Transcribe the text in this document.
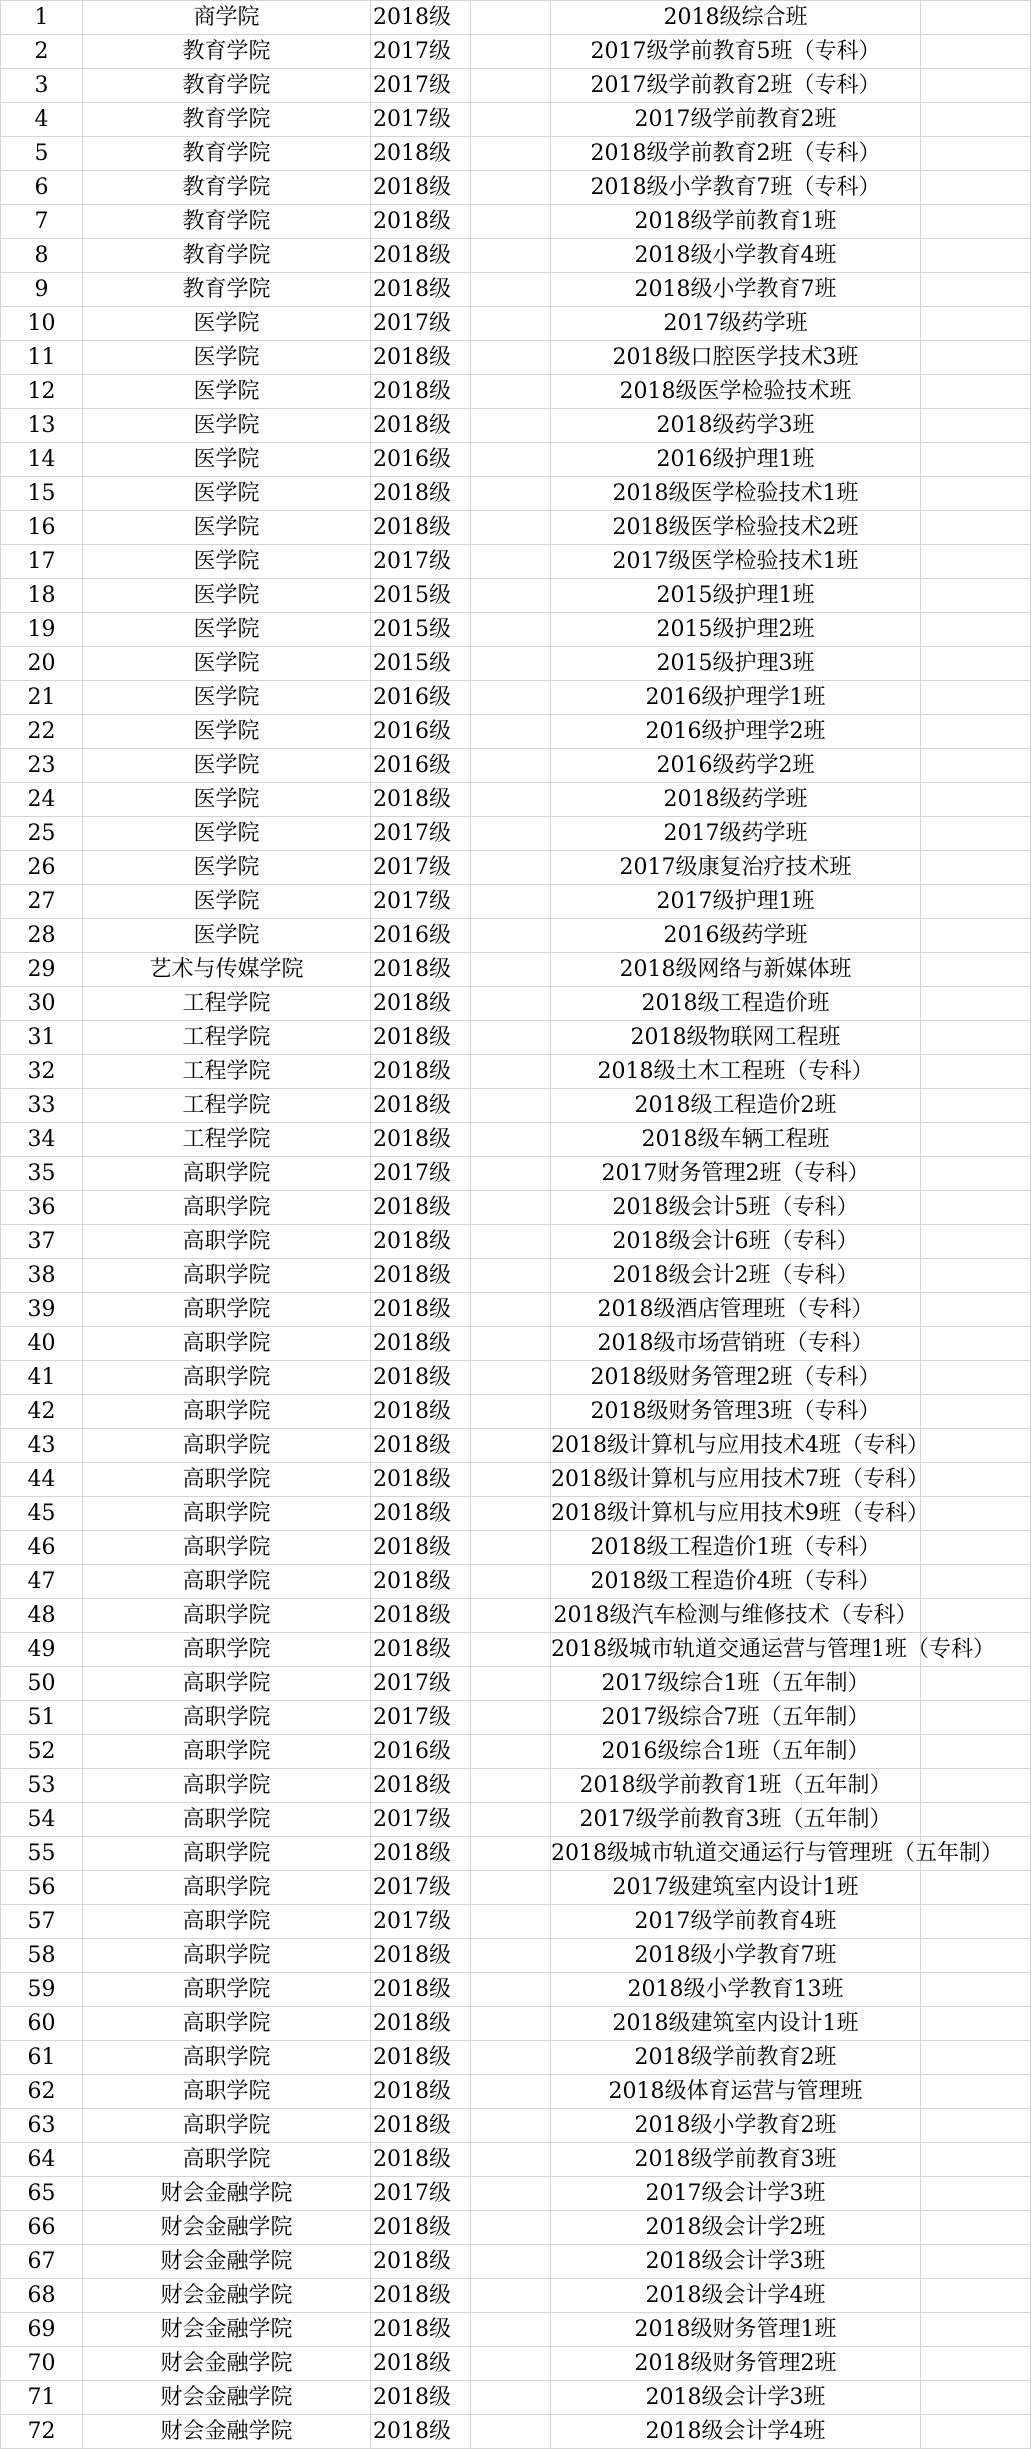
1	商学院	2018级		2018级综合班	
2	教育学院	2017级		2017级学前教育5班（专科）	
3	教育学院	2017级		2017级学前教育2班（专科）	
4	教育学院	2017级		2017级学前教育2班	
5	教育学院	2018级		2018级学前教育2班（专科）	
6	教育学院	2018级		2018级小学教育7班（专科）	
7	教育学院	2018级		2018级学前教育1班	
8	教育学院	2018级		2018级小学教育4班	
9	教育学院	2018级		2018级小学教育7班	
10	医学院	2017级		2017级药学班	
11	医学院	2018级		2018级口腔医学技术3班	
12	医学院	2018级		2018级医学检验技术班	
13	医学院	2018级		2018级药学3班	
14	医学院	2016级		2016级护理1班	
15	医学院	2018级		2018级医学检验技术1班	
16	医学院	2018级		2018级医学检验技术2班	
17	医学院	2017级		2017级医学检验技术1班	
18	医学院	2015级		2015级护理1班	
19	医学院	2015级		2015级护理2班	
20	医学院	2015级		2015级护理3班	
21	医学院	2016级		2016级护理学1班	
22	医学院	2016级		2016级护理学2班	
23	医学院	2016级		2016级药学2班	
24	医学院	2018级		2018级药学班	
25	医学院	2017级		2017级药学班	
26	医学院	2017级		2017级康复治疗技术班	
27	医学院	2017级		2017级护理1班	
28	医学院	2016级		2016级药学班	
29	艺术与传媒学院	2018级		2018级网络与新媒体班	
30	工程学院	2018级		2018级工程造价班	
31	工程学院	2018级		2018级物联网工程班	
32	工程学院	2018级		2018级土木工程班（专科）	
33	工程学院	2018级		2018级工程造价2班	
34	工程学院	2018级		2018级车辆工程班	
35	高职学院	2017级		2017财务管理2班（专科）	
36	高职学院	2018级		2018级会计5班（专科）	
37	高职学院	2018级		2018级会计6班（专科）	
38	高职学院	2018级		2018级会计2班（专科）	
39	高职学院	2018级		2018级酒店管理班（专科）	
40	高职学院	2018级		2018级市场营销班（专科）	
41	高职学院	2018级		2018级财务管理2班（专科）	
42	高职学院	2018级		2018级财务管理3班（专科）	
43	高职学院	2018级		2018级计算机与应用技术4班（专科）	
44	高职学院	2018级		2018级计算机与应用技术7班（专科）	
45	高职学院	2018级		2018级计算机与应用技术9班（专科）	
46	高职学院	2018级		2018级工程造价1班（专科）	
47	高职学院	2018级		2018级工程造价4班（专科）	
48	高职学院	2018级		2018级汽车检测与维修技术（专科）	
49	高职学院	2018级		2018级城市轨道交通运营与管理1班（专科）	
50	高职学院	2017级		2017级综合1班（五年制）	
51	高职学院	2017级		2017级综合7班（五年制）	
52	高职学院	2016级		2016级综合1班（五年制）	
53	高职学院	2018级		2018级学前教育1班（五年制）	
54	高职学院	2017级		2017级学前教育3班（五年制）	
55	高职学院	2018级		2018级城市轨道交通运行与管理班（五年制）	
56	高职学院	2017级		2017级建筑室内设计1班	
57	高职学院	2017级		2017级学前教育4班	
58	高职学院	2018级		2018级小学教育7班	
59	高职学院	2018级		2018级小学教育13班	
60	高职学院	2018级		2018级建筑室内设计1班	
61	高职学院	2018级		2018级学前教育2班	
62	高职学院	2018级		2018级体育运营与管理班	
63	高职学院	2018级		2018级小学教育2班	
64	高职学院	2018级		2018级学前教育3班	
65	财会金融学院	2017级		2017级会计学3班	
66	财会金融学院	2018级		2018级会计学2班	
67	财会金融学院	2018级		2018级会计学3班	
68	财会金融学院	2018级		2018级会计学4班	
69	财会金融学院	2018级		2018级财务管理1班	
70	财会金融学院	2018级		2018级财务管理2班	
71	财会金融学院	2018级		2018级会计学3班	
72	财会金融学院	2018级		2018级会计学4班	
